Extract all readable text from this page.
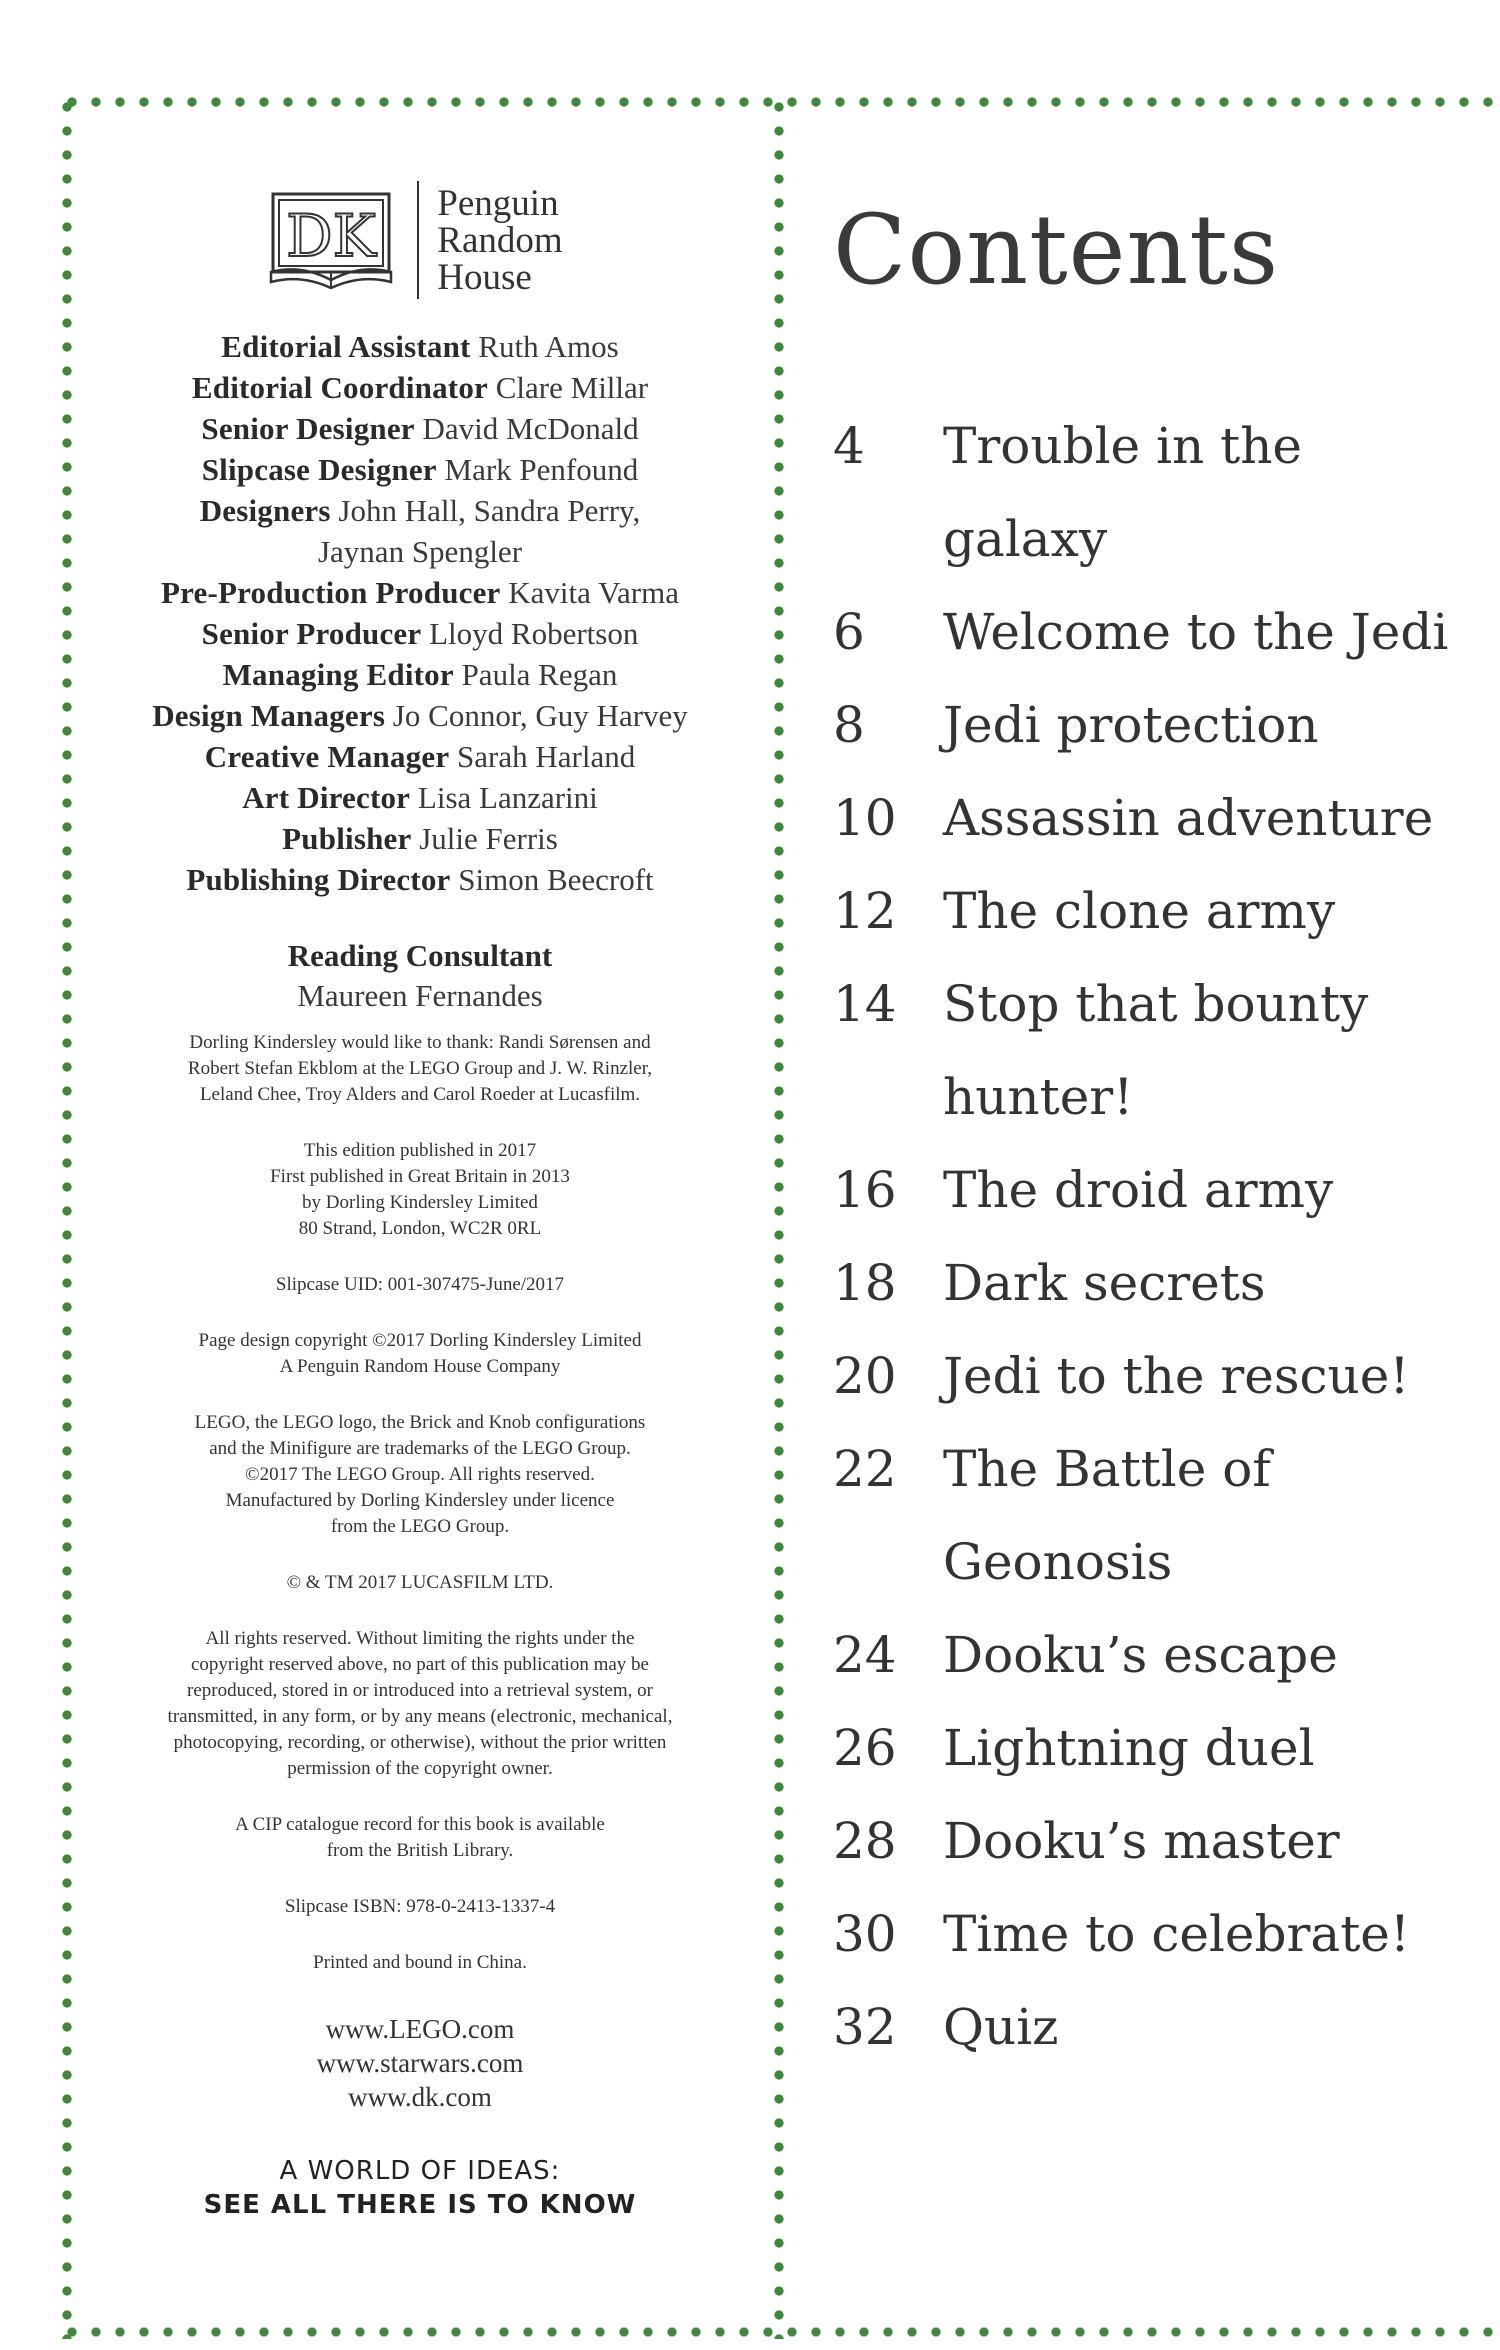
DK Penguin
Random
House
Editorial Assistant Ruth Amos
Editorial Coordinator Clare Millar
Senior Designer David McDonald
Slipcase Designer Mark Penfound
Designers John Hall, Sandra Perry,
Jaynan Spengler
Pre-Production Producer Kavita Varma
Senior Producer Lloyd Robertson
Managing Editor Paula Regan
Design Managers Jo Connor, Guy Harvey
Creative Manager Sarah Harland
Art Director Lisa Lanzarini
Publisher Julie Ferris
Publishing Director Simon Beecroft
Reading Consultant
Maureen Fernandes
Dorling Kindersley would like to thank: Randi Sørensen and
Robert Stefan Ekblom at the LEGO Group and J. W. Rinzler,
Leland Chee, Troy Alders and Carol Roeder at Lucasfilm.
This edition published in 2017
First published in Great Britain in 2013
by Dorling Kindersley Limited
80 Strand, London, WC2R 0RL
Slipcase UID: 001-307475-June/2017
Page design copyright ©2017 Dorling Kindersley Limited
A Penguin Random House Company
LEGO, the LEGO logo, the Brick and Knob configurations
and the Minifigure are trademarks of the LEGO Group.
©2017 The LEGO Group. All rights reserved.
Manufactured by Dorling Kindersley under licence
from the LEGO Group.
© & TM 2017 LUCASFILM LTD.
All rights reserved. Without limiting the rights under the
copyright reserved above, no part of this publication may be
reproduced, stored in or introduced into a retrieval system, or
transmitted, in any form, or by any means (electronic, mechanical,
photocopying, recording, or otherwise), without the prior written
permission of the copyright owner.
A CIP catalogue record for this book is available
from the British Library.
Slipcase ISBN: 978-0-2413-1337-4
Printed and bound in China.
www.LEGO.com
www.starwars.com
www.dk.com
A WORLD OF IDEAS:
SEE ALL THERE IS TO KNOW
Contents
4	Trouble in the galaxy
6	Welcome to the Jedi
8	Jedi protection
10 Assassin adventure
12 The clone army
14 Stop that bounty
hunter!
16 The droid army
18 Dark secrets
20 Jedi to the rescue!
22 The Battle of
Geonosis
24 Dooku’s escape
26 Lightning duel
28 Dooku’s master
30 Time to celebrate!
32 Quiz
